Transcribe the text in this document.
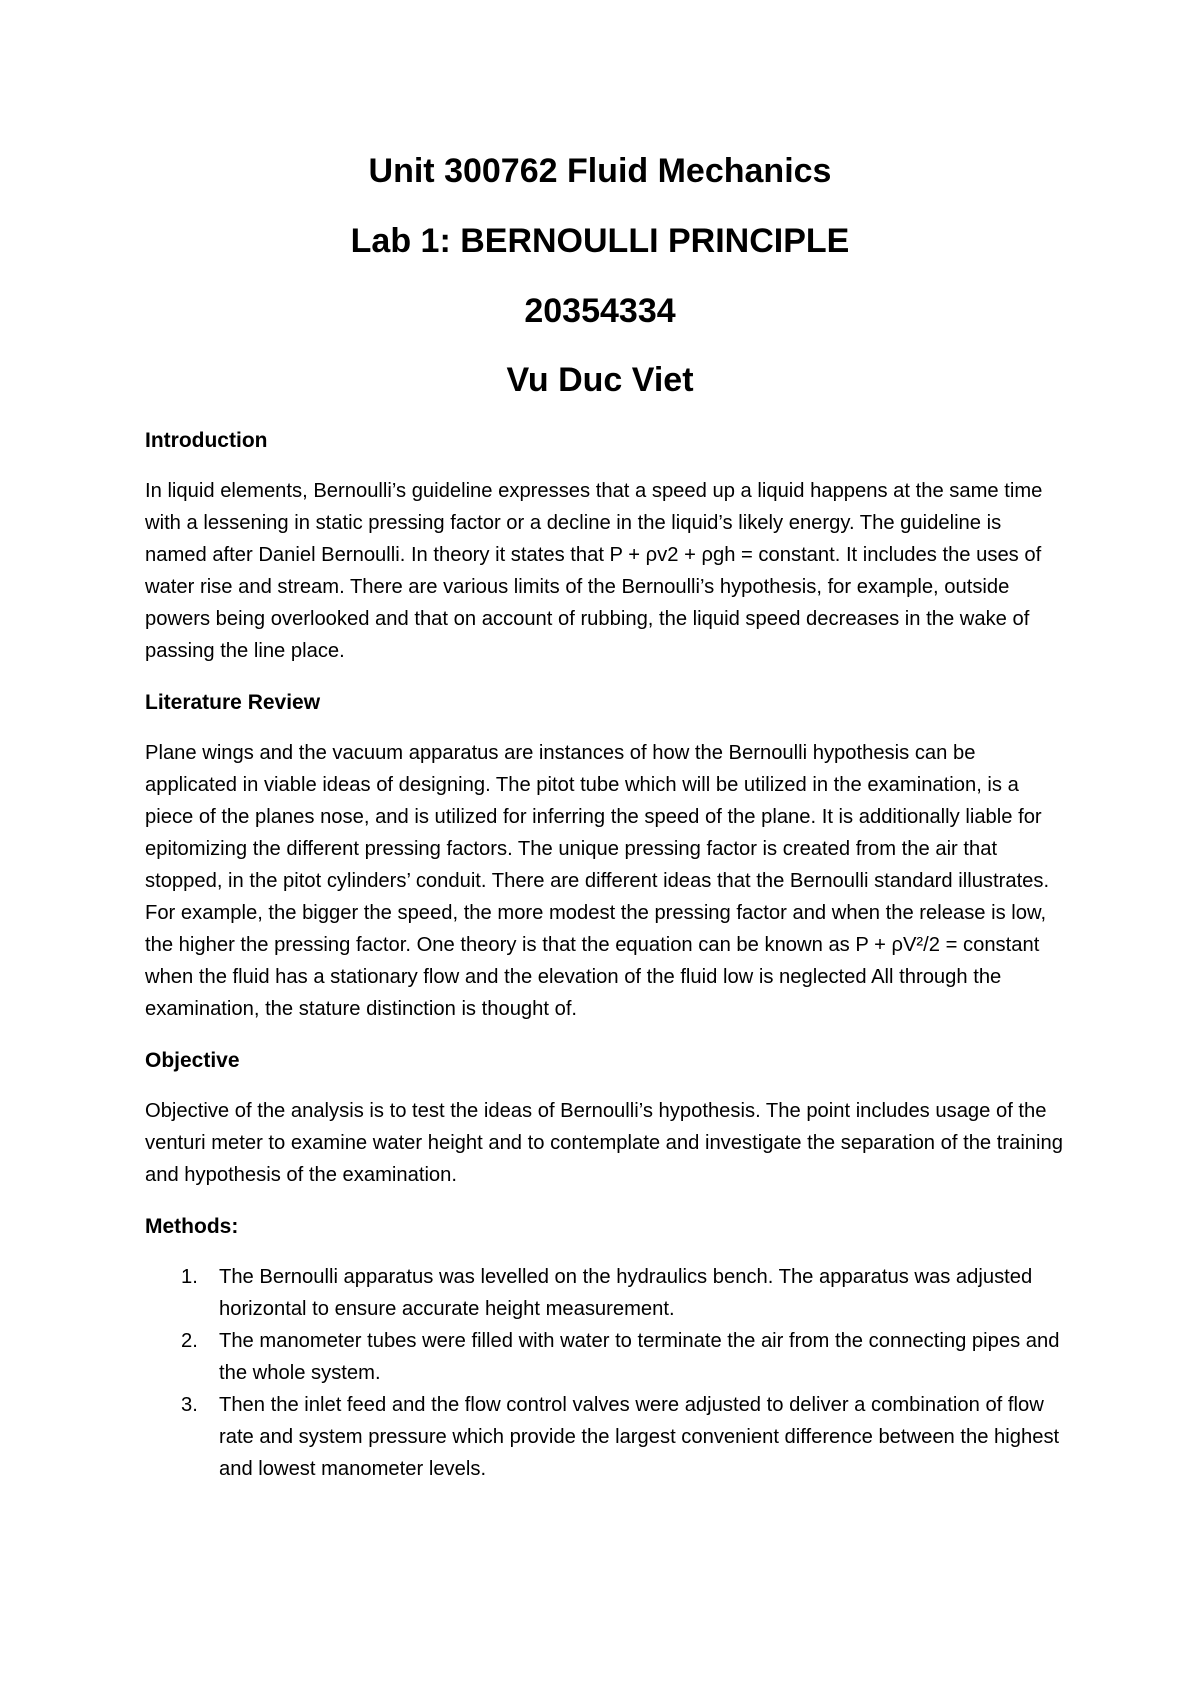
Unit 300762 Fluid Mechanics
Lab 1: BERNOULLI PRINCIPLE
20354334
Vu Duc Viet
Introduction

In liquid elements, Bernoulli’s guideline expresses that a speed up a liquid happens at the same time with a lessening in static pressing factor or a decline in the liquid’s likely energy. The guideline is named after Daniel Bernoulli. In theory it states that P + ρv2 + ρgh = constant. It includes the uses of water rise and stream. There are various limits of the Bernoulli’s hypothesis, for example, outside powers being overlooked and that on account of rubbing, the liquid speed decreases in the wake of passing the line place.

Literature Review

Plane wings and the vacuum apparatus are instances of how the Bernoulli hypothesis can be applicated in viable ideas of designing. The pitot tube which will be utilized in the examination, is a piece of the planes nose, and is utilized for inferring the speed of the plane. It is additionally liable for epitomizing the different pressing factors. The unique pressing factor is created from the air that stopped, in the pitot cylinders’ conduit. There are different ideas that the Bernoulli standard illustrates. For example, the bigger the speed, the more modest the pressing factor and when the release is low, the higher the pressing factor. One theory is that the equation can be known as P + ρV²/2 = constant when the fluid has a stationary flow and the elevation of the fluid low is neglected All through the examination, the stature distinction is thought of.

Objective

Objective of the analysis is to test the ideas of Bernoulli’s hypothesis. The point includes usage of the venturi meter to examine water height and to contemplate and investigate the separation of the training and hypothesis of the examination.

Methods:
1. The Bernoulli apparatus was levelled on the hydraulics bench. The apparatus was adjusted horizontal to ensure accurate height measurement.
2. The manometer tubes were filled with water to terminate the air from the connecting pipes and the whole system.
3. Then the inlet feed and the flow control valves were adjusted to deliver a combination of flow rate and system pressure which provide the largest convenient difference between the highest and lowest manometer levels.
